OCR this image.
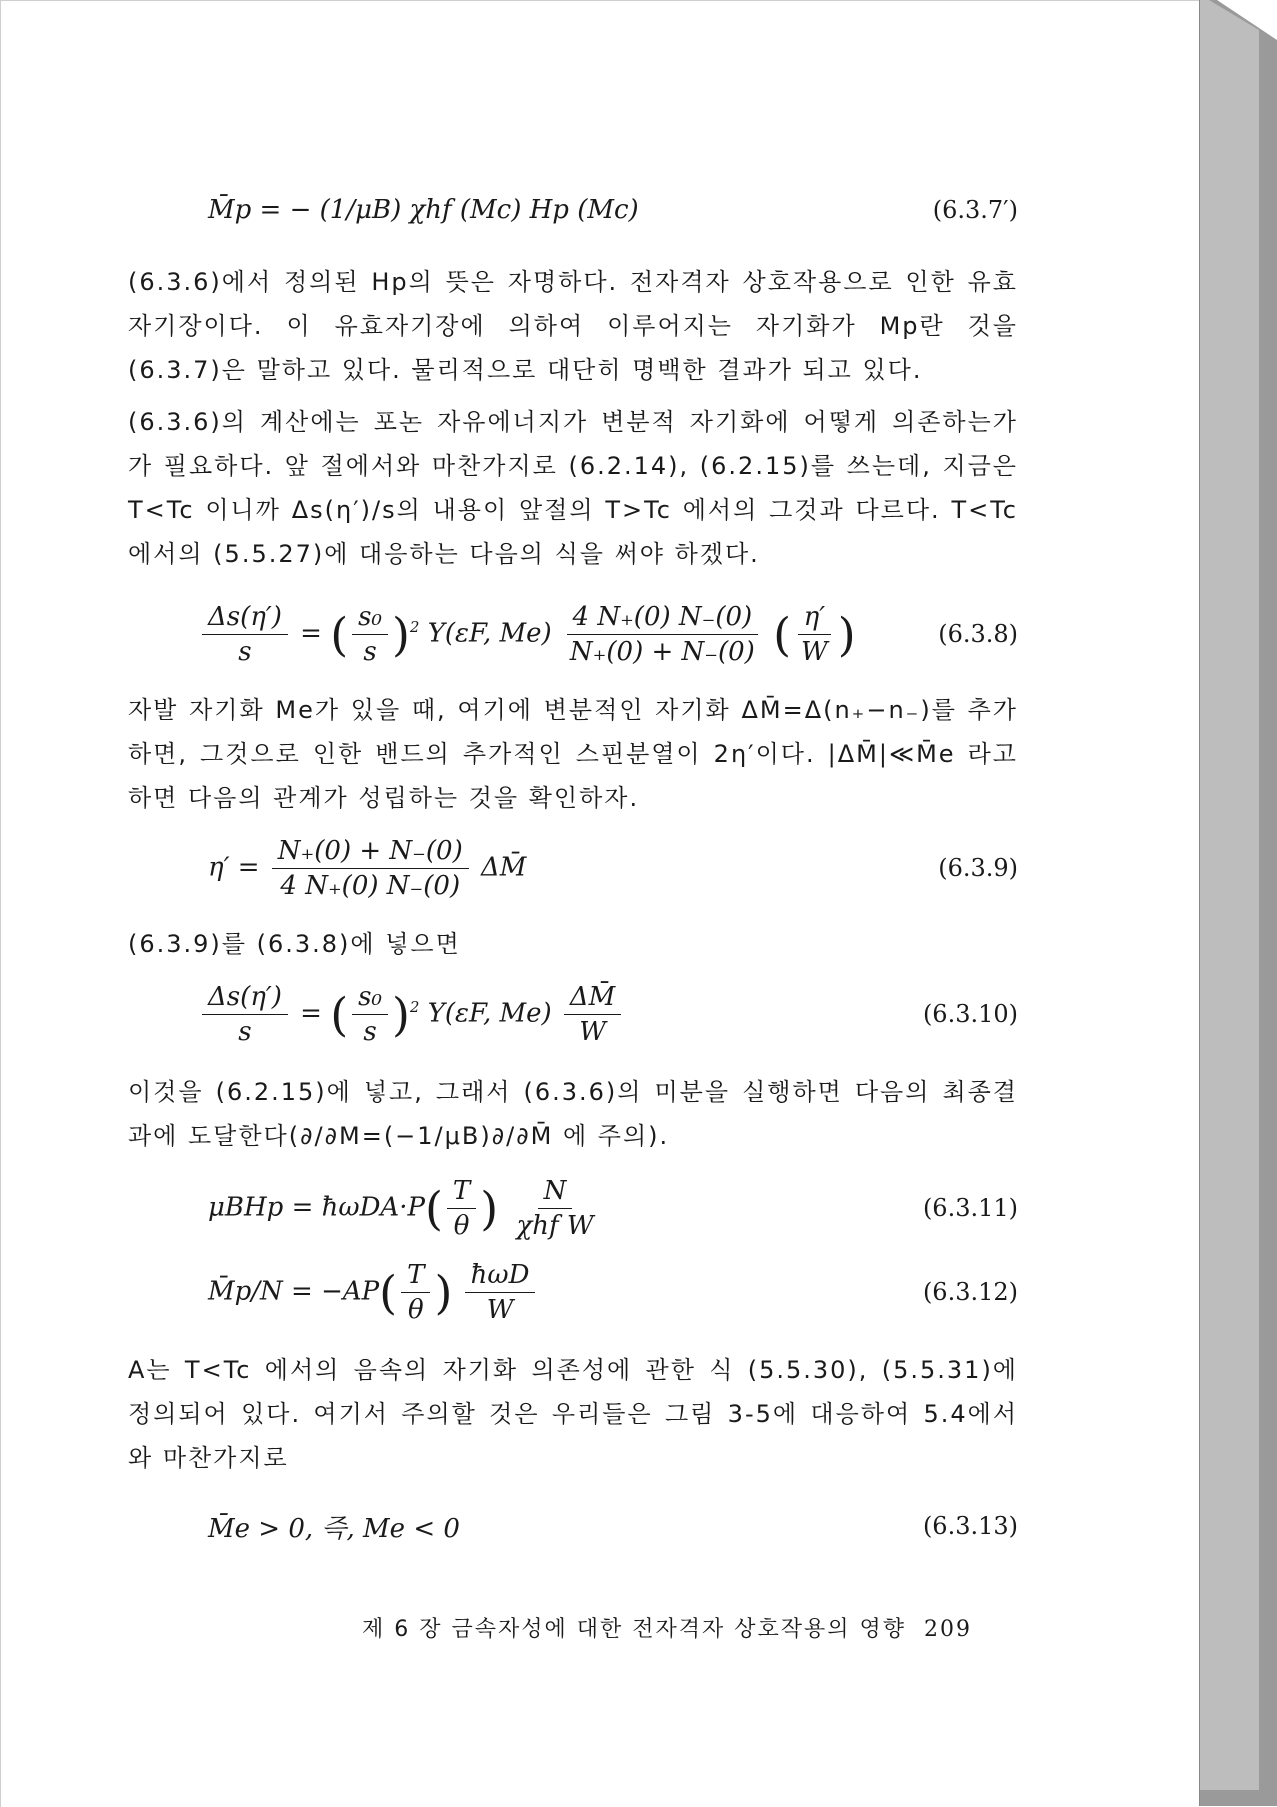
M̄p = − (1/μB) χhf (Mc) Hp (Mc)	(6.3.7′)

(6.3.6)에서 정의된 Hp의 뜻은 자명하다. 전자격자 상호작용으로 인한 유효자기장이다. 이 유효자기장에 의하여 이루어지는 자기화가 Mp란 것을 (6.3.7)은 말하고 있다. 물리적으로 대단히 명백한 결과가 되고 있다.

(6.3.6)의 계산에는 포논 자유에너지가 변분적 자기화에 어떻게 의존하는가가 필요하다. 앞 절에서와 마찬가지로 (6.2.14), (6.2.15)를 쓰는데, 지금은 T<Tc 이니까 Δs(η′)/s의 내용이 앞절의 T>Tc 에서의 그것과 다르다. T<Tc 에서의 (5.5.27)에 대응하는 다음의 식을 써야 하겠다.

$\frac{\Delta s(\eta')}{s}$ = ( $\frac{\text{s₀}}{s} )^2$ Y(εF, $Me) \frac{4 N_+(0) N_-(0)}{N_+(0) + N_-(0)}$ ( $\frac{\eta'}{W}$ )	(6.3.8)

자발 자기화 Me가 있을 때, 여기에 변분적인 자기화 ΔM̄=Δ(n₊−n₋)를 추가하면, 그것으로 인한 밴드의 추가적인 스핀분열이 2η′이다. |ΔM̄|≪M̄e 라고 하면 다음의 관계가 성립하는 것을 확인하자.

$\eta' = \frac{N_+(0) + N_-(0)}{4 N_+(0) N_-(0)}$ ΔM̄	(6.3.9)

(6.3.9)를 (6.3.8)에 넣으면

$\frac{\Delta s(\eta')}{s}$ = ( $\frac{\text{s₀}}{s} )^2$ Y(εF, $Me) \frac{\Delta M̄}{W}$	(6.3.10)

이것을 (6.2.15)에 넣고, 그래서 (6.3.6)의 미분을 실행하면 다음의 최종결과에 도달한다(∂/∂M=(−1/μB)∂/∂M̄ 에 주의).

μBHp = ħωDA·P( $\frac{T}{\theta}$ ) $\frac{N}{\text{χhf W}}$	(6.3.11)
M̄p/N = $-AP( \frac{T}{\theta}$ ) $\frac{\text{ħωD}}{W}$	(6.3.12)

A는 T<Tc 에서의 음속의 자기화 의존성에 관한 식 (5.5.30), (5.5.31)에 정의되어 있다. 여기서 주의할 것은 우리들은 그림 3-5에 대응하여 5.4에서와 마찬가지로

M̄e > 0, 즉, Me < 0	(6.3.13)
제 6 장 금속자성에 대한 전자격자 상호작용의 영향 209
